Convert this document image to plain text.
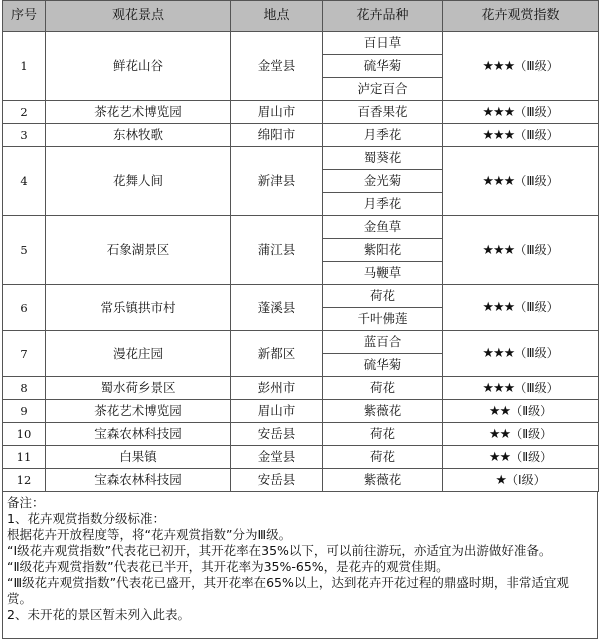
序号	观花景点	地点	花卉品种	花卉观赏指数
1	鲜花山谷	金堂县	百日草	★★★（Ⅲ级）
			硫华菊	
			泸定百合	
2	茶花艺术博览园	眉山市	百香果花	★★★（Ⅲ级）
3	东林牧歌	绵阳市	月季花	★★★（Ⅲ级）
4	花舞人间	新津县	蜀葵花	★★★（Ⅲ级）
			金光菊	
			月季花	
5	石象湖景区	蒲江县	金鱼草	★★★（Ⅲ级）
			紫阳花	
			马鞭草	
6	常乐镇拱市村	蓬溪县	荷花	★★★（Ⅲ级）
			千叶佛莲	
7	漫花庄园	新都区	蓝百合	★★★（Ⅲ级）
			硫华菊	
8	蜀水荷乡景区	彭州市	荷花	★★★（Ⅲ级）
9	茶花艺术博览园	眉山市	紫薇花	★★（Ⅱ级）
10	宝森农林科技园	安岳县	荷花	★★（Ⅱ级）
11	白果镇	金堂县	荷花	★★（Ⅱ级）
12	宝森农林科技园	安岳县	紫薇花	★（Ⅰ级）
备注：
1、花卉观赏指数分级标准：
根据花卉开放程度等，将“花卉观赏指数”分为Ⅲ级。
“Ⅰ级花卉观赏指数”代表花已初开，其开花率在35%以下，可以前往游玩，亦适宜为出游做好准备。
“Ⅱ级花卉观赏指数”代表花已半开，其开花率为35%-65%，是花卉的观赏佳期。
“Ⅲ级花卉观赏指数”代表花已盛开，其开花率在65%以上，达到花卉开花过程的鼎盛时期，非常适宜观赏。
2、未开花的景区暂未列入此表。
